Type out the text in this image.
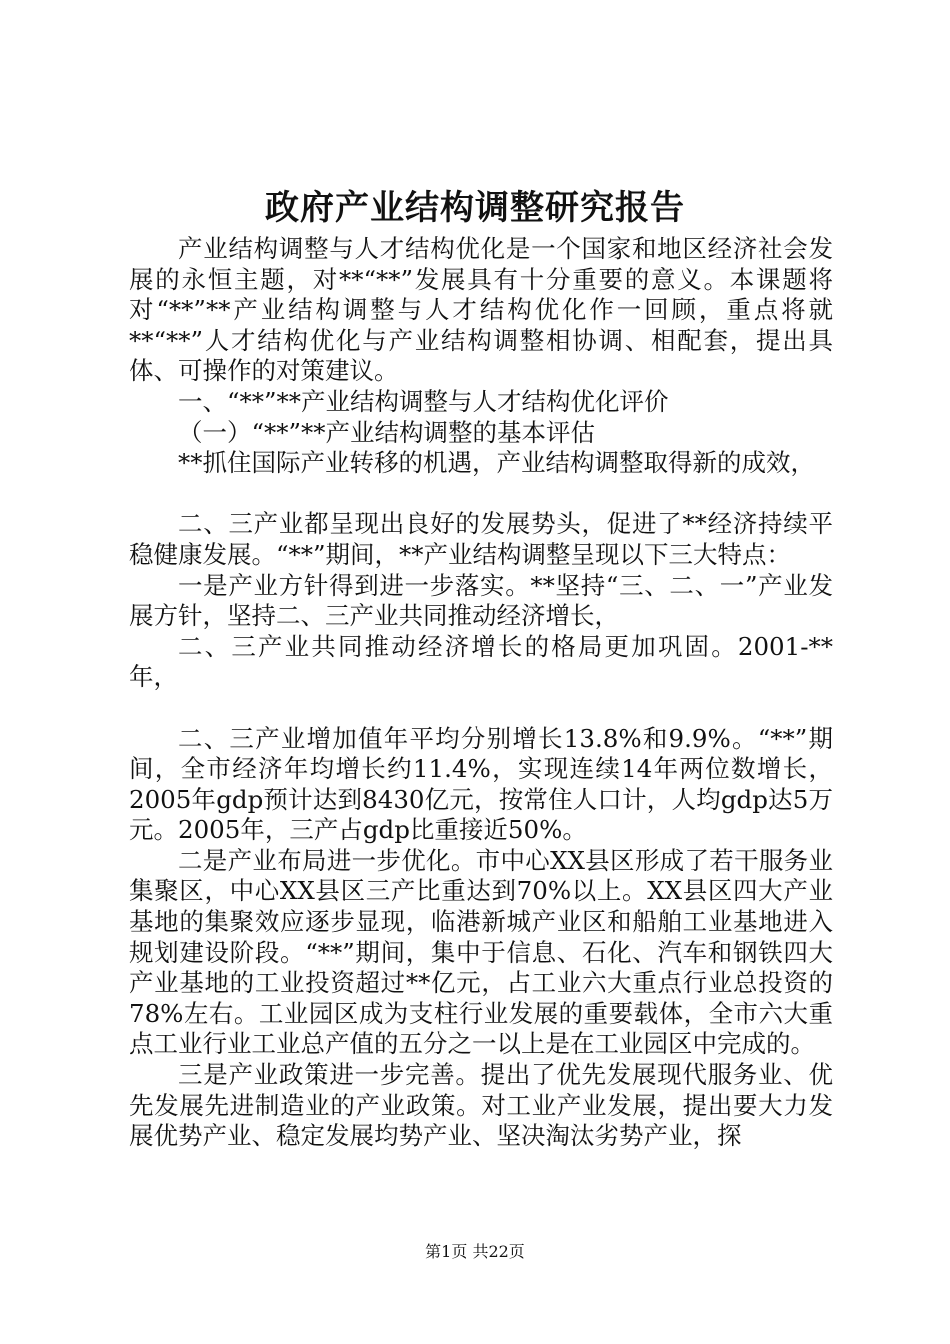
政府产业结构调整研究报告

产业结构调整与人才结构优化是一个国家和地区经济社会发展的永恒主题，对**“**”发展具有十分重要的意义。本课题将对“**”**产业结构调整与人才结构优化作一回顾，重点将就**“**”人才结构优化与产业结构调整相协调、相配套，提出具体、可操作的对策建议。

一、“**”**产业结构调整与人才结构优化评价

（一）“**”**产业结构调整的基本评估

**抓住国际产业转移的机遇，产业结构调整取得新的成效，

二、三产业都呈现出良好的发展势头，促进了**经济持续平稳健康发展。“**”期间，**产业结构调整呈现以下三大特点：

一是产业方针得到进一步落实。**坚持“三、二、一”产业发展方针，坚持二、三产业共同推动经济增长，

二、三产业共同推动经济增长的格局更加巩固。2001-**年，

二、三产业增加值年平均分别增长13.8%和9.9%。“**”期间，全市经济年均增长约11.4%，实现连续14年两位数增长，2005年gdp预计达到8430亿元，按常住人口计，人均gdp达5万元。2005年，三产占gdp比重接近50%。

二是产业布局进一步优化。市中心XX县区形成了若干服务业集聚区，中心XX县区三产比重达到70%以上。XX县区四大产业基地的集聚效应逐步显现，临港新城产业区和船舶工业基地进入规划建设阶段。“**”期间，集中于信息、石化、汽车和钢铁四大产业基地的工业投资超过**亿元，占工业六大重点行业总投资的78%左右。工业园区成为支柱行业发展的重要载体，全市六大重点工业行业工业总产值的五分之一以上是在工业园区中完成的。

三是产业政策进一步完善。提出了优先发展现代服务业、优先发展先进制造业的产业政策。对工业产业发展，提出要大力发展优势产业、稳定发展均势产业、坚决淘汰劣势产业，探

第1页 共22页
